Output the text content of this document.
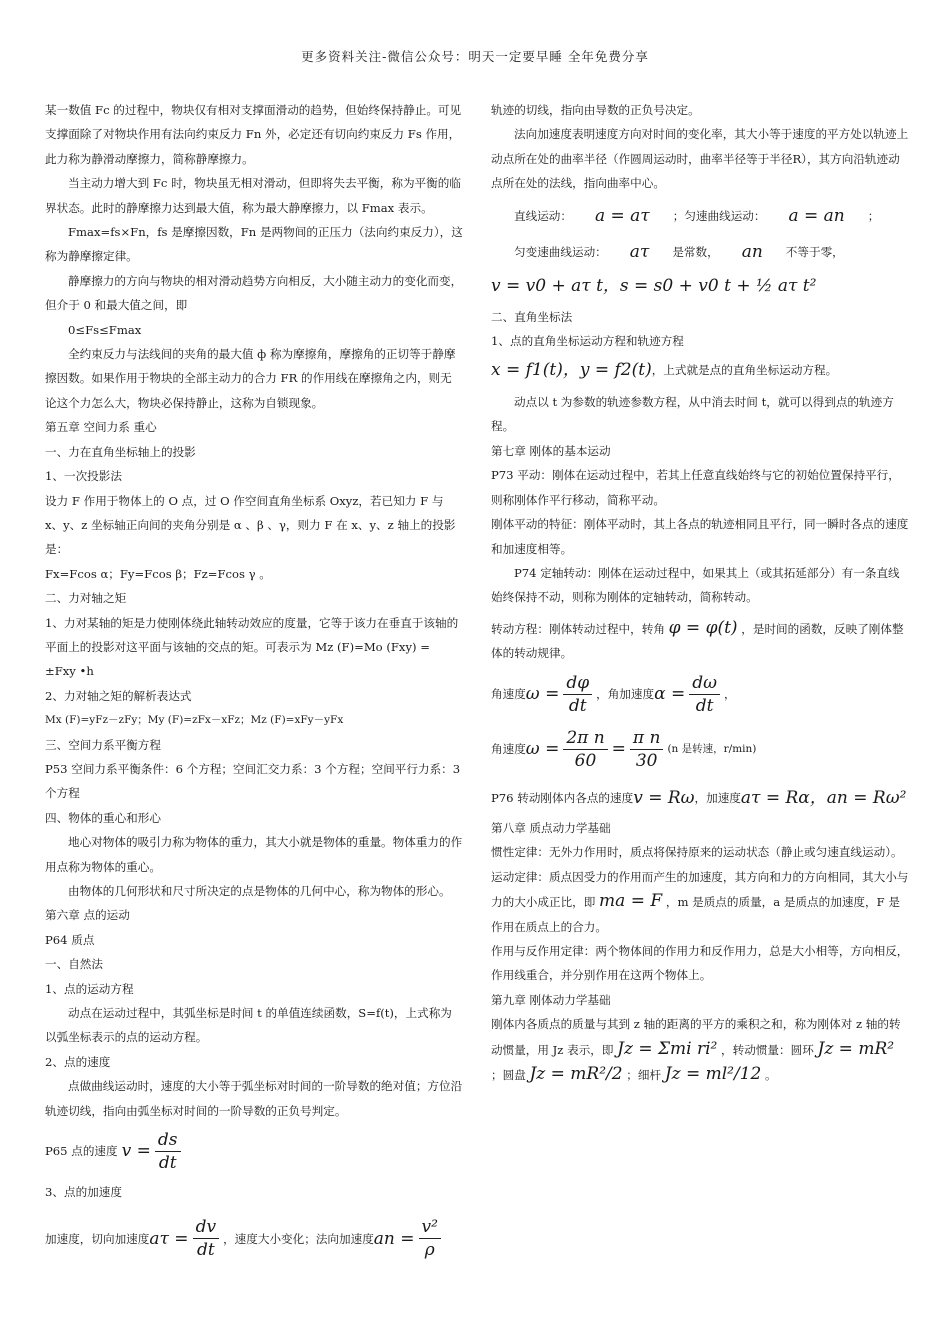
更多资料关注-微信公众号：明天一定要早睡 全年免费分享

某一数值 Fc 的过程中，物块仅有相对支撑面滑动的趋势，但始终保持静止。可见支撑面除了对物块作用有法向约束反力 Fn 外，必定还有切向约束反力 Fs 作用，此力称为静滑动摩擦力，简称静摩擦力。

当主动力增大到 Fc 时，物块虽无相对滑动，但即将失去平衡，称为平衡的临界状态。此时的静摩擦力达到最大值，称为最大静摩擦力，以 Fmax 表示。

Fmax=fs×Fn，fs 是摩擦因数，Fn 是两物间的正压力（法向约束反力），这称为静摩擦定律。

静摩擦力的方向与物块的相对滑动趋势方向相反，大小随主动力的变化而变，但介于 0 和最大值之间，即

0≤Fs≤Fmax

全约束反力与法线间的夹角的最大值 ф 称为摩擦角，摩擦角的正切等于静摩擦因数。如果作用于物块的全部主动力的合力 FR 的作用线在摩擦角之内，则无论这个力怎么大，物块必保持静止，这称为自锁现象。

第五章 空间力系 重心

一、力在直角坐标轴上的投影

1、一次投影法

设力 F 作用于物体上的 O 点，过 O 作空间直角坐标系 Oxyz，若已知力 F 与 x、y、z 坐标轴正向间的夹角分别是 α 、β 、γ，则力 F 在 x、y、z 轴上的投影是：

Fx=Fcos α；Fy=Fcos β；Fz=Fcos γ 。

二、力对轴之矩

1、力对某轴的矩是力使刚体绕此轴转动效应的度量，它等于该力在垂直于该轴的平面上的投影对这平面与该轴的交点的矩。可表示为 Mz (F)=Mo (Fxy) = ±Fxy •h

2、力对轴之矩的解析表达式

Mx (F)=yFz－zFy；My (F)=zFx－xFz；Mz (F)=xFy－yFx

三、空间力系平衡方程

P53 空间力系平衡条件：6 个方程；空间汇交力系：3 个方程；空间平行力系：3 个方程

四、物体的重心和形心

地心对物体的吸引力称为物体的重力，其大小就是物体的重量。物体重力的作用点称为物体的重心。

由物体的几何形状和尺寸所决定的点是物体的几何中心，称为物体的形心。

第六章 点的运动

P64 质点

一、自然法

1、点的运动方程

动点在运动过程中，其弧坐标是时间 t 的单值连续函数，S=f(t)，上式称为以弧坐标表示的点的运动方程。

2、点的速度

点做曲线运动时，速度的大小等于弧坐标对时间的一阶导数的绝对值；方位沿轨迹切线，指向由弧坐标对时间的一阶导数的正负号判定。

P65 点的速度 $v = \frac{ds}{dt}$

3、点的加速度

加速度，切向加速度 $a\tau = \frac{dv}{dt}$ ，速度大小变化；法向加速度 an = $\frac{\text{v²}}{\rho}$

轨迹的切线，指向由导数的正负号决定。

法向加速度表明速度方向对时间的变化率，其大小等于速度的平方处以轨迹上动点所在处的曲率半径（作圆周运动时，曲率半径等于半径R），其方向沿轨迹动点所在处的法线，指向曲率中心。

直线运动：	a = aτ	；匀速曲线运动：	a = an	；
匀变速曲线运动：	aτ	是常数，	an	不等于零，
v = v0 + aτ t，s = s0 + v0 t + ½ aτ t²

二、直角坐标法

1、点的直角坐标运动方程和轨迹方程

x = f1(t)，y = f2(t) ，上式就是点的直角坐标运动方程。

动点以 t 为参数的轨迹参数方程，从中消去时间 t，就可以得到点的轨迹方程。

第七章 刚体的基本运动

P73 平动：刚体在运动过程中，若其上任意直线始终与它的初始位置保持平行，则称刚体作平行移动，简称平动。

刚体平动的特征：刚体平动时，其上各点的轨迹相同且平行，同一瞬时各点的速度和加速度相等。

P74 定轴转动：刚体在运动过程中，如果其上（或其拓延部分）有一条直线始终保持不动，则称为刚体的定轴转动，简称转动。

转动方程：刚体转动过程中，转角 φ = φ(t) ，是时间的函数，反映了刚体整体的转动规律。

角速度 $\omega = \frac{d\varphi}{dt}$ ，角加速度 $\alpha = \frac{d\omega}{dt}$ ，
角速度 $\omega = \frac{\text{2π n}}{60} = \frac{\text{π n}}{30} (n$ 是转速，r/min)
P76 转动刚体内各点的速度 v = Rω ，加速度 aτ = Rα，an = Rω²

第八章 质点动力学基础

惯性定律：无外力作用时，质点将保持原来的运动状态（静止或匀速直线运动）。

运动定律：质点因受力的作用而产生的加速度，其方向和力的方向相同，其大小与力的大小成正比，即 ma = F ，m 是质点的质量，a 是质点的加速度，F 是作用在质点上的合力。

作用与反作用定律：两个物体间的作用力和反作用力，总是大小相等，方向相反，作用线重合，并分别作用在这两个物体上。

第九章 刚体动力学基础

刚体内各质点的质量与其到 z 轴的距离的平方的乘积之和，称为刚体对 z 轴的转动惯量，用 Jz 表示，即 Jz = Σmi ri² ，转动惯量：圆环 Jz = mR² ；圆盘 Jz = mR²/2 ；细杆 Jz = ml²/12 。
